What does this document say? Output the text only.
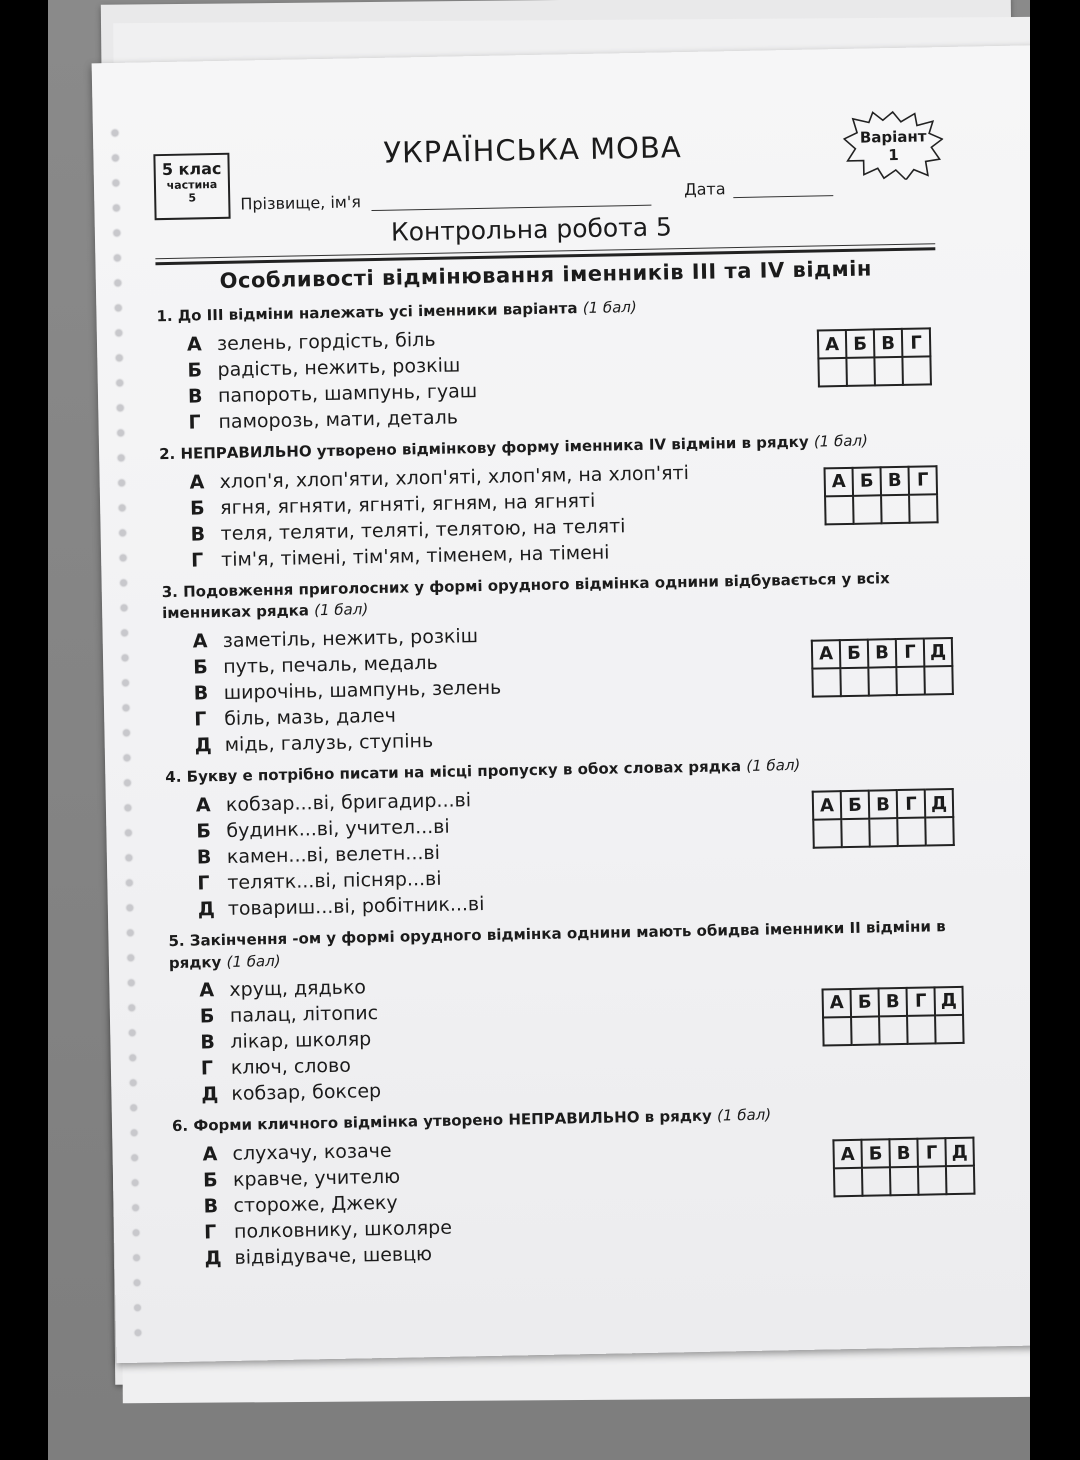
5 клас
частина
5
УКРАЇНСЬКА МОВА	Варіант
1
Прізвище, ім'я
Дата
Контрольна робота 5
Особливості відмінювання іменників III та IV відмін
1. До III відміни належать усі іменники варіанта (1 бал)
А зелень, гордість, біль
Б радість, нежить, розкіш
В папороть, шампунь, гуаш
Г паморозь, мати, деталь
А	Б	В	Г

2. НЕПРАВИЛЬНО утворено відмінкову форму іменника IV відміни в рядку (1 бал)
А хлоп'я, хлоп'яти, хлоп'яті, хлоп'ям, на хлоп'яті
Б ягня, ягняти, ягняті, ягням, на ягняті
В теля, теляти, теляті, телятою, на теляті
Г тім'я, тімені, тім'ям, тіменем, на тімені
А	Б	В	Г

3. Подовження приголосних у формі орудного відмінка однини відбувається у всіх іменниках рядка (1 бал)
А заметіль, нежить, розкіш
Б путь, печаль, медаль
В широчінь, шампунь, зелень
Г біль, мазь, далеч
Д мідь, галузь, ступінь
А	Б	В	Г	Д

4. Букву е потрібно писати на місці пропуску в обох словах рядка (1 бал)
А кобзар...ві, бригадир...ві
Б будинк...ві, учител...ві
В камен...ві, велетн...ві
Г телятк...ві, пісняр...ві
Д товариш...ві, робітник...ві
А	Б	В	Г	Д

5. Закінчення -ом у формі орудного відмінка однини мають обидва іменники II відміни в рядку (1 бал)
А хрущ, дядько
Б палац, літопис
В лікар, школяр
Г ключ, слово
Д кобзар, боксер
А	Б	В	Г	Д

6. Форми кличного відмінка утворено НЕПРАВИЛЬНО в рядку (1 бал)
А слухачу, козаче
Б кравче, учителю
В стороже, Джеку
Г полковнику, школяре
Д відвідуваче, шевцю
А	Б	В	Г	Д
